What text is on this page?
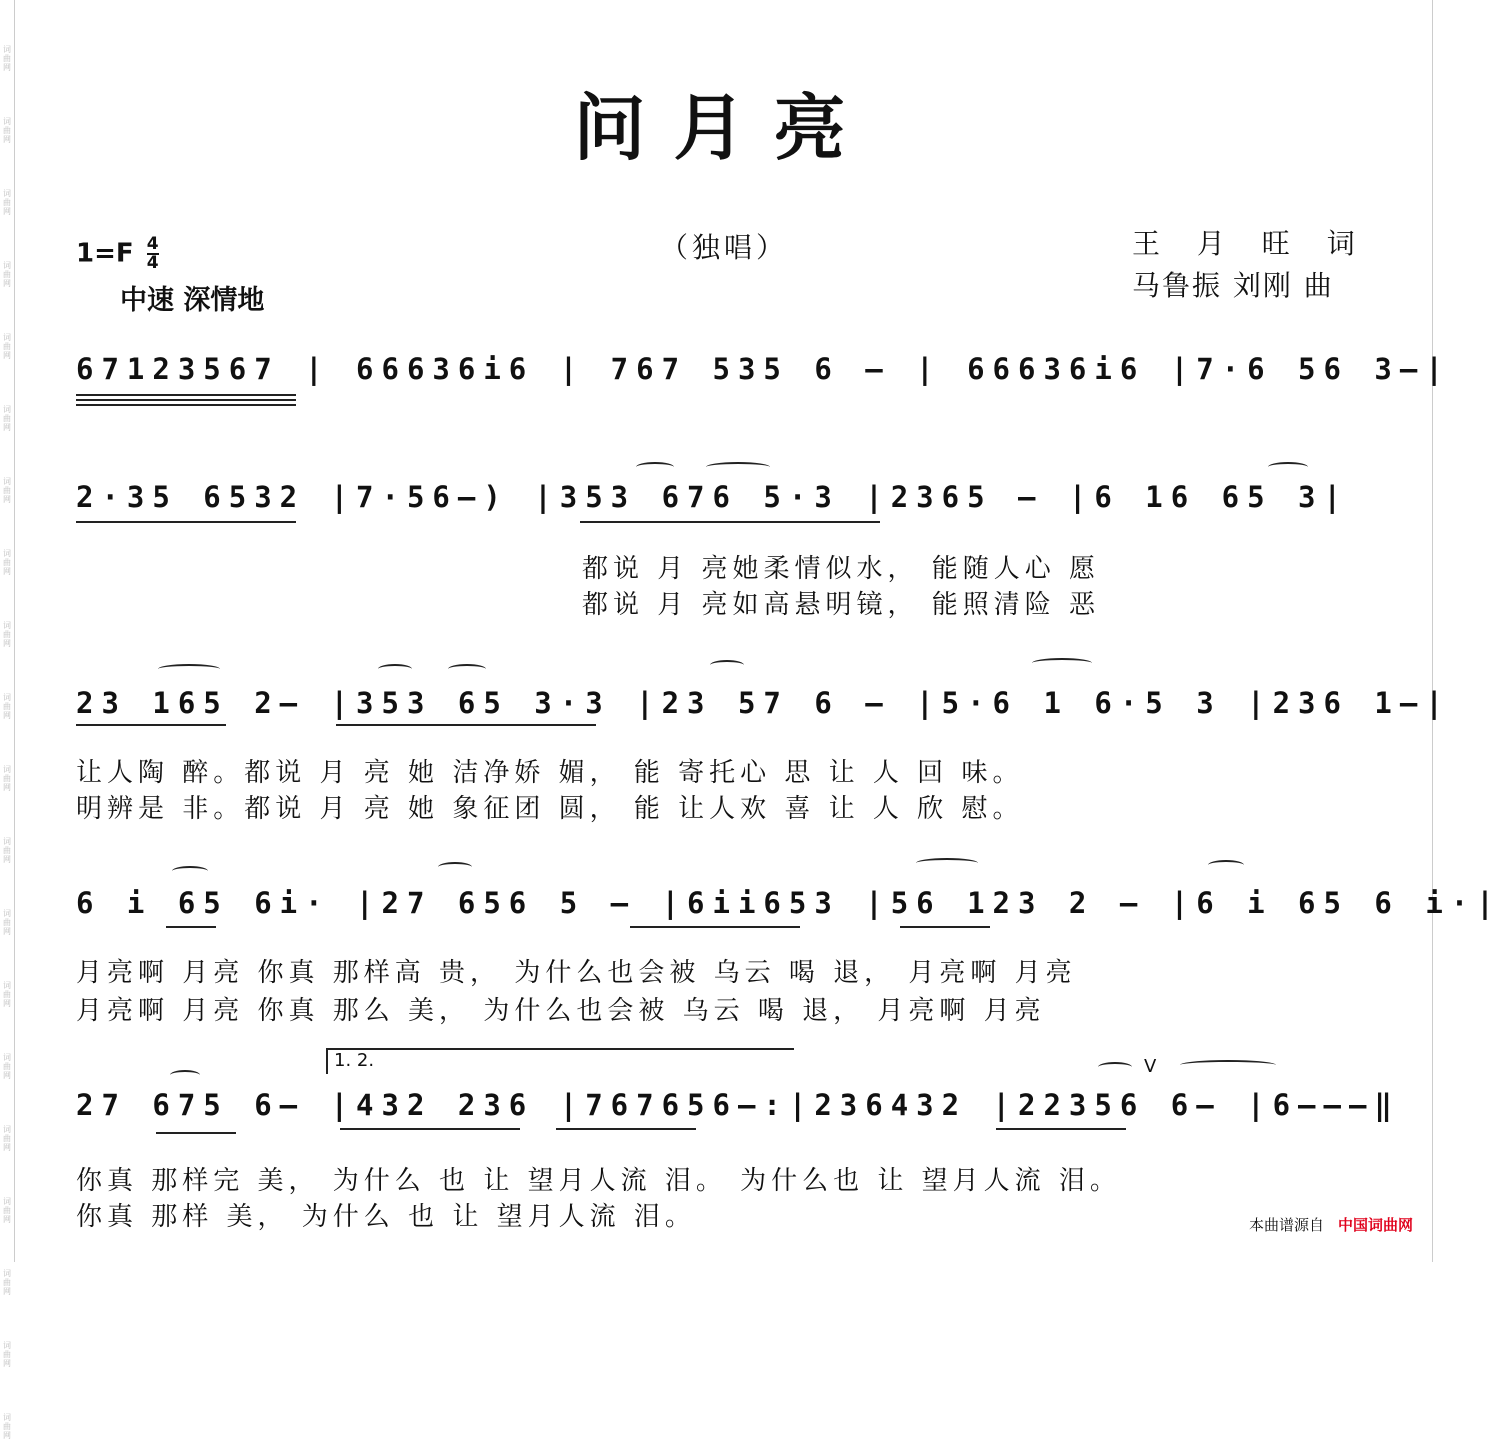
词
曲
网
词
曲
网
词
曲
网
词
曲
网
词
曲
网
词
曲
网
词
曲
网
词
曲
网
词
曲
网
词
曲
网
词
曲
网
词
曲
网
词
曲
网
词
曲
网
词
曲
网
词
曲
网
词
曲
网
词
曲
网
词
曲
网
词
曲
网
问月亮
$1=F \frac{4}{4}$
中速 深情地
（独唱）	王 月 旺 词
马鲁振 刘刚 曲
67123567 | 66636i6 | 767 535 6 — | 66636i6 |7·6 56 3—|
2·35 6532 |7·56—) |353 676 5·3 |2365 — |6 16 65 3|
都说 月 亮她柔情似水， 能随人心 愿
都说 月 亮如高悬明镜， 能照清险 恶
23 165 2— |353 65 3·3 |23 57 6 — |5·6 1 6·5 3 |236 1—|
让人陶 醉。都说 月 亮 她 洁净娇 媚， 能 寄托心 思 让 人 回 味。
明辨是 非。都说 月 亮 她 象征团 圆， 能 让人欢 喜 让 人 欣 慰。
6 i 65 6i· |27 656 5 — |6ii653 |56 123 2 — |6 i 65 6 i·|
月亮啊 月亮 你真 那样高 贵， 为什么也会被 乌云 喝 退， 月亮啊 月亮
月亮啊 月亮 你真 那么 美， 为什么也会被 乌云 喝 退， 月亮啊 月亮
1. 2.	V
27 675 6— |432 236 |767656—:|236432 |22356 6— |6———‖
你真 那样完 美， 为什么 也 让 望月人流 泪。 为什么也 让 望月人流 泪。
你真 那样 美， 为什么 也 让 望月人流 泪。	本曲谱源自 中国词曲网
